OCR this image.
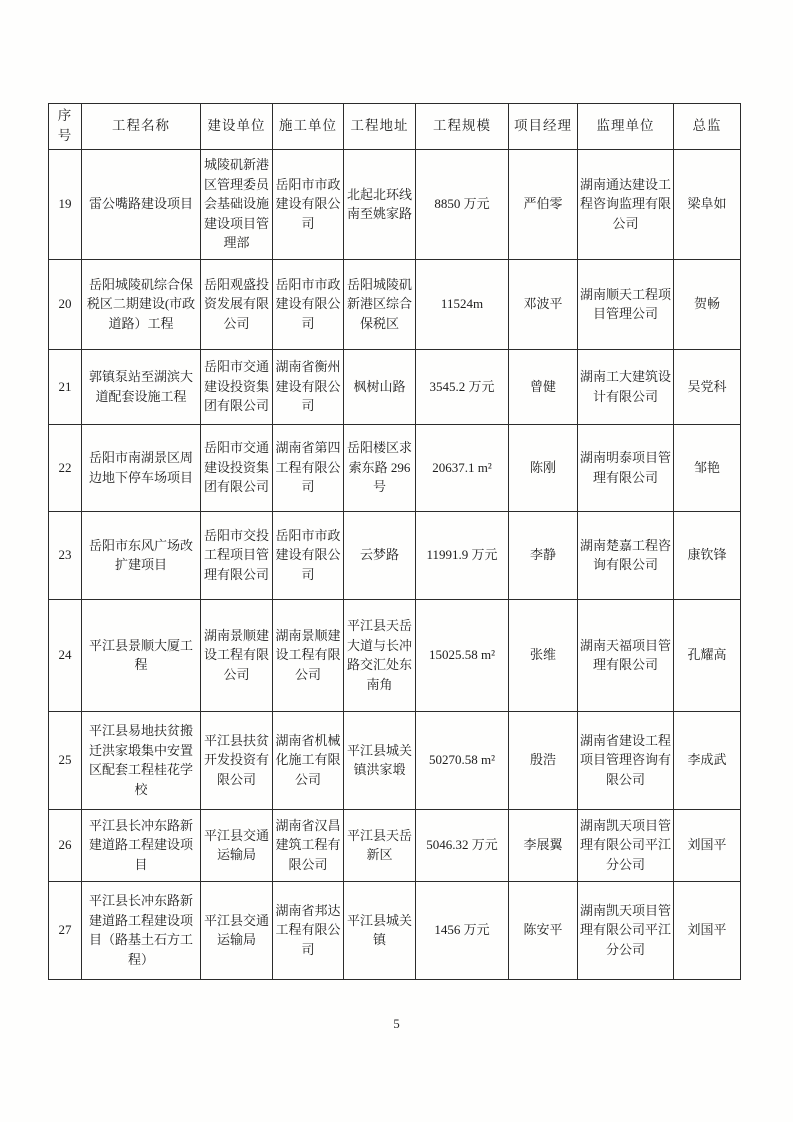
序号	工程名称	建设单位	施工单位	工程地址	工程规模	项目经理	监理单位	总监
19	雷公嘴路建设项目	城陵矶新港区管理委员会基础设施建设项目管理部	岳阳市市政建设有限公司	北起北环线南至姚家路	8850 万元	严伯零	湖南通达建设工程咨询监理有限公司	梁阜如
20	岳阳城陵矶综合保税区二期建设(市政道路）工程	岳阳观盛投资发展有限公司	岳阳市市政建设有限公司	岳阳城陵矶新港区综合保税区	11524m	邓波平	湖南顺天工程项目管理公司	贺畅
21	郭镇泵站至湖滨大道配套设施工程	岳阳市交通建设投资集团有限公司	湖南省衡州建设有限公司	枫树山路	3545.2 万元	曾健	湖南工大建筑设计有限公司	吴党科
22	岳阳市南湖景区周边地下停车场项目	岳阳市交通建设投资集团有限公司	湖南省第四工程有限公司	岳阳楼区求索东路 296 号	20637.1 m²	陈刚	湖南明泰项目管理有限公司	邹艳
23	岳阳市东风广场改扩建项目	岳阳市交投工程项目管理有限公司	岳阳市市政建设有限公司	云梦路	11991.9 万元	李静	湖南楚嘉工程咨询有限公司	康钦锋
24	平江县景顺大厦工程	湖南景顺建设工程有限公司	湖南景顺建设工程有限公司	平江县天岳大道与长冲路交汇处东南角	15025.58 m²	张维	湖南天福项目管理有限公司	孔耀高
25	平江县易地扶贫搬迁洪家塅集中安置区配套工程桂花学校	平江县扶贫开发投资有限公司	湖南省机械化施工有限公司	平江县城关镇洪家塅	50270.58 m²	殷浩	湖南省建设工程项目管理咨询有限公司	李成武
26	平江县长冲东路新建道路工程建设项目	平江县交通运输局	湖南省汉昌建筑工程有限公司	平江县天岳新区	5046.32 万元	李展翼	湖南凯天项目管理有限公司平江分公司	刘国平
27	平江县长冲东路新建道路工程建设项目（路基土石方工程）	平江县交通运输局	湖南省邦达工程有限公司	平江县城关镇	1456 万元	陈安平	湖南凯天项目管理有限公司平江分公司	刘国平
5
